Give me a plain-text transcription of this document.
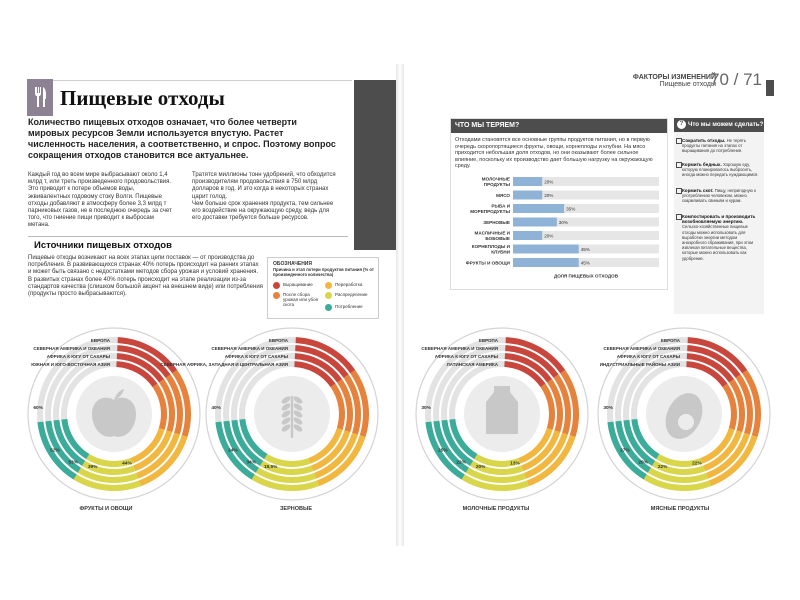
Пищевые отходы
Количество пищевых отходов означает, что более четверти мировых ресурсов Земли используется впустую. Растет численность населения, а соответственно, и спрос. Поэтому вопрос сокращения отходов становится все актуальнее.
Каждый год во всем мире выбрасывают около 1,4 млрд т, или треть произведенного продовольствия. Это приводит к потере объемов воды, эквивалентных годовому стоку Волги. Пищевые отходы добавляют в атмосферу более 3,3 млрд т парниковых газов, не в последнюю очередь за счет того, что гниение пищи приводит к выбросам метана.
Тратятся миллионы тонн удобрений, что обходится производителям продовольствия в 750 млрд долларов в год. И это когда в некоторых странах царит голод.
Чем больше срок хранения продукта, тем сильнее его воздействие на окружающую среду, ведь для его доставки требуется больше ресурсов.
Источники пищевых отходов
Пищевые отходы возникают на всех этапах цепи поставок — от производства до потребления. В развивающихся странах 40% потерь происходит на ранних этапах и может быть связано с недостатками методов сбора урожая и условий хранения. В развитых странах более 40% потерь происходит на этапе реализации из-за стандартов качества (слишком большой акцент на внешнем виде) или потребления (продукты просто выбрасываются).
ОБОЗНАЧЕНИЯ
Причина и этап потери продуктов питания (% от произведенного количества)
Выращивание	Переработка
После сбора урожая или убоя скота
Распределение
Потребление
ЕВРОПА
СЕВЕРНАЯ АМЕРИКА И ОКЕАНИЯ
АФРИКА К ЮГУ ОТ САХАРЫ
ЮЖНАЯ И ЮГО-ВОСТОЧНАЯ АЗИЯ
60%
52%
53%
39%
44%
ЕВРОПА
СЕВЕРНАЯ АМЕРИКА И ОКЕАНИЯ
АФРИКА К ЮГУ ОТ САХАРЫ
СЕВЕРНАЯ АФРИКА, ЗАПАДНАЯ И ЦЕНТРАЛЬНАЯ АЗИЯ
40%
24%
34%
19,5%
ФРУКТЫ И ОВОЩИ	ЗЕРНОВЫЕ
ФАКТОРЫ ИЗМЕНЕНИЙ
Пищевые отходы
70 / 71
ЧТО МЫ ТЕРЯЕМ?
Отходами становятся все основные группы продуктов питания, но в первую очередь скоропортящиеся фрукты, овощи, корнеплоды и клубни. На мясо приходится небольшая доля отходов, но они оказывают более сильное влияние, поскольку их производство дает большую нагрузку на окружающую среду.
МОЛОЧНЫЕ
ПРОДУКТЫ	20%
МЯСО	20%
РЫБА И
МОРЕПРОДУКТЫ	35%
ЗЕРНОВЫЕ	30%
МАСЛИЧНЫЕ И
БОБОВЫЕ	20%
КОРНЕПЛОДЫ И
КЛУБНИ	45%
ФРУКТЫ И ОВОЩИ	45%
ДОЛЯ ПИЩЕВЫХ ОТХОДОВ
? Что мы можем сделать?
Сократить отходы. Не терять продукты питания на этапах от выращивания до потребления.
Кормить бедных. Хорошую еду, которую планировалось выбросить, иногда можно передать нуждающимся.
Кормить скот. Пищу, непригодную к употреблению человеком, можно скармливать свиньям и курам.
Компостировать и производить возобновляемую энергию. Сельско-хозяйственные пищевые отходы можно использовать для выработки энергии методом анаэробного сбраживания, при этом извлекая питательные вещества, которые можно использовать как удобрение.
ЕВРОПА
СЕВЕРНАЯ АМЕРИКА И ОКЕАНИЯ
АФРИКА К ЮГУ ОТ САХАРЫ
ЛАТИНСКАЯ АМЕРИКА
30%
25%
22%
20%
13%
ЕВРОПА
СЕВЕРНАЯ АМЕРИКА И ОКЕАНИЯ
АФРИКА К ЮГУ ОТ САХАРЫ
ИНДУСТРИАЛЬНЫЕ РАЙОНЫ АЗИИ
30%
27%
20%
22%
22%
МОЛОЧНЫЕ ПРОДУКТЫ	МЯСНЫЕ ПРОДУКТЫ
